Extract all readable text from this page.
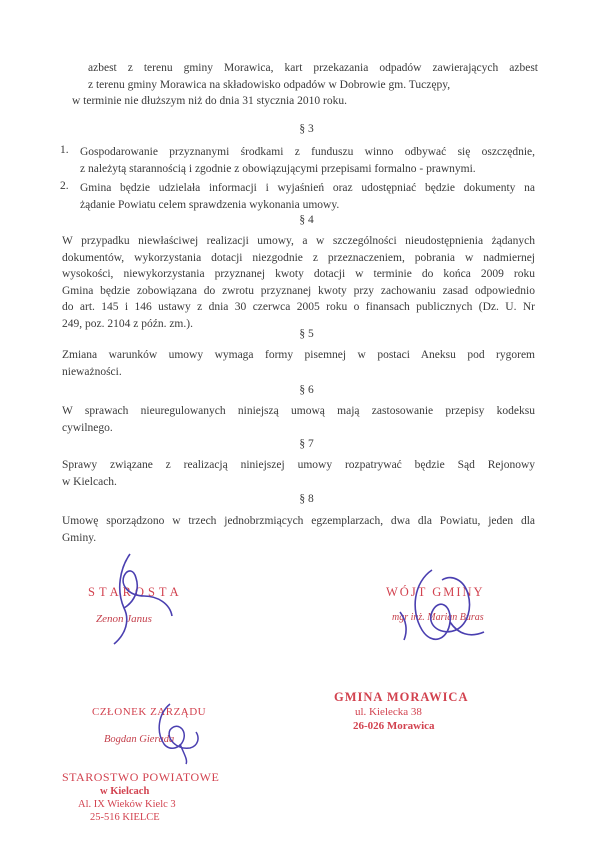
azbest z terenu gminy Morawica, kart przekazania odpadów zawierających azbest
z terenu gminy Morawica na składowisko odpadów w Dobrowie gm. Tuczępy,
w terminie nie dłuższym niż do dnia 31 stycznia 2010 roku.
§ 3
1. Gospodarowanie przyznanymi środkami z funduszu winno odbywać się oszczędnie,
z należytą starannością i zgodnie z obowiązującymi przepisami formalno - prawnymi.
2. Gmina będzie udzielała informacji i wyjaśnień oraz udostępniać będzie dokumenty na
żądanie Powiatu celem sprawdzenia wykonania umowy.
§ 4
W przypadku niewłaściwej realizacji umowy, a w szczególności nieudostępnienia żądanych
dokumentów, wykorzystania dotacji niezgodnie z przeznaczeniem, pobrania w nadmiernej
wysokości, niewykorzystania przyznanej kwoty dotacji w terminie do końca 2009 roku
Gmina będzie zobowiązana do zwrotu przyznanej kwoty przy zachowaniu zasad odpowiednio
do art. 145 i 146 ustawy z dnia 30 czerwca 2005 roku o finansach publicznych (Dz. U. Nr
249, poz. 2104 z późn. zm.).
§ 5
Zmiana warunków umowy wymaga formy pisemnej w postaci Aneksu pod rygorem
nieważności.
§ 6
W sprawach nieuregulowanych niniejszą umową mają zastosowanie przepisy kodeksu
cywilnego.
§ 7
Sprawy związane z realizacją niniejszej umowy rozpatrywać będzie Sąd Rejonowy
w Kielcach.
§ 8
Umowę sporządzono w trzech jednobrzmiących egzemplarzach, dwa dla Powiatu, jeden dla
Gminy.
STAROSTA
Zenon Janus
WÓJT GMINY
mgr inż. Marian Buras
GMINA MORAWICA
ul. Kielecka 38
26-026 Morawica
CZŁONEK ZARZĄDU
Bogdan Gierada
STAROSTWO POWIATOWE
w Kielcach
Al. IX Wieków Kielc 3
25-516 KIELCE
